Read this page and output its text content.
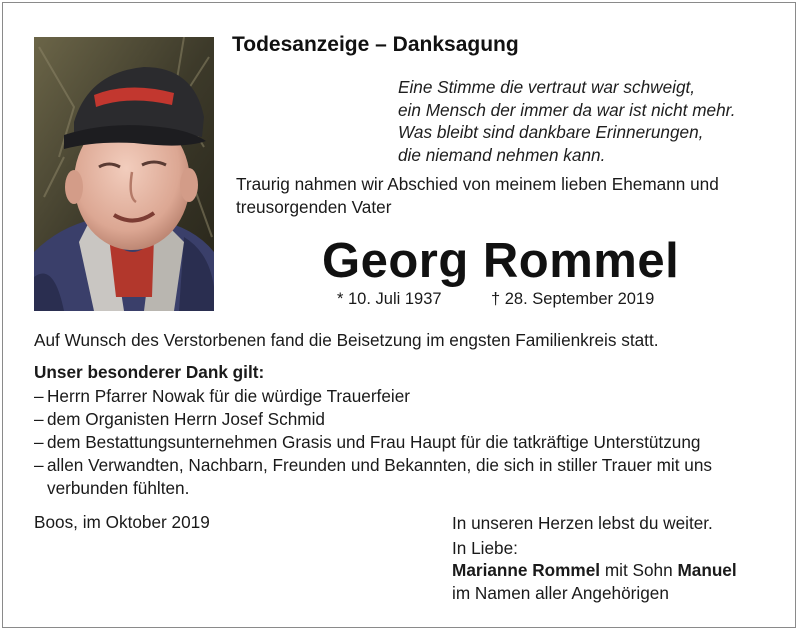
Todesanzeige – Danksagung
Eine Stimme die vertraut war schweigt,
ein Mensch der immer da war ist nicht mehr.
Was bleibt sind dankbare Erinnerungen,
die niemand nehmen kann.
Traurig nahmen wir Abschied von meinem lieben Ehemann und treusorgenden Vater
Georg Rommel
* 10. Juli 1937	† 28. September 2019
Auf Wunsch des Verstorbenen fand die Beisetzung im engsten Familienkreis statt.
Unser besonderer Dank gilt:
– Herrn Pfarrer Nowak für die würdige Trauerfeier
– dem Organisten Herrn Josef Schmid
– dem Bestattungsunternehmen Grasis und Frau Haupt für die tatkräftige Unterstützung
– allen Verwandten, Nachbarn, Freunden und Bekannten, die sich in stiller Trauer mit uns verbunden fühlten.
Boos, im Oktober 2019	In unseren Herzen lebst du weiter.
In Liebe:
Marianne Rommel mit Sohn Manuel
im Namen aller Angehörigen
